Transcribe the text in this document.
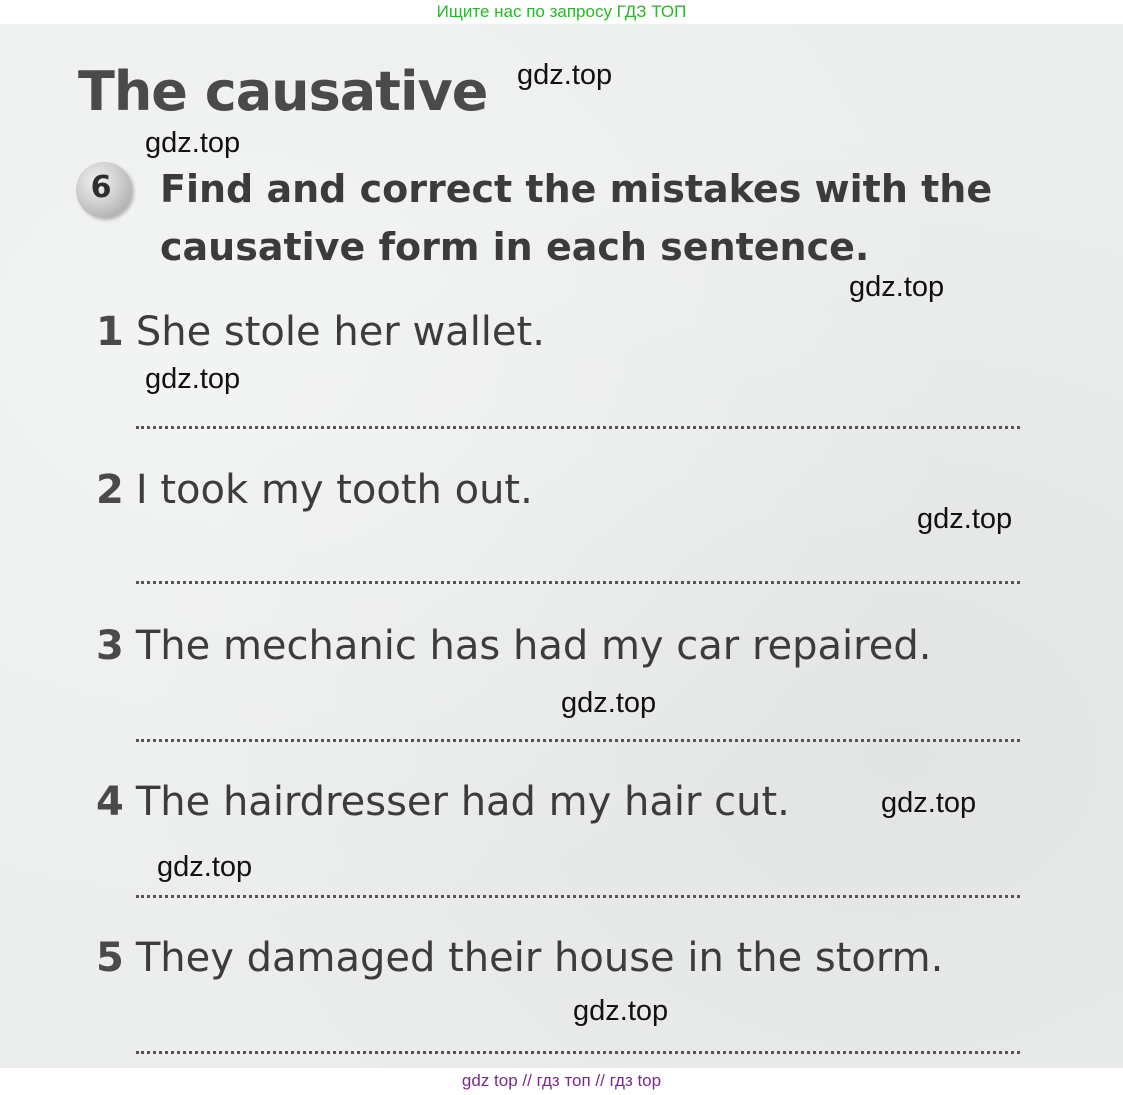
Ищите нас по запросу ГДЗ ТОП
The causative
6	Find and correct the mistakes with the causative form in each sentence.

1 She stole her wallet.

2 I took my tooth out.

3 The mechanic has had my car repaired.

4 The hairdresser had my hair cut.

5 They damaged their house in the storm.

gdz.top
gdz.top
gdz.top
gdz.top
gdz.top
gdz.top
gdz.top
gdz.top
gdz.top
gdz top // гдз топ // гдз top
